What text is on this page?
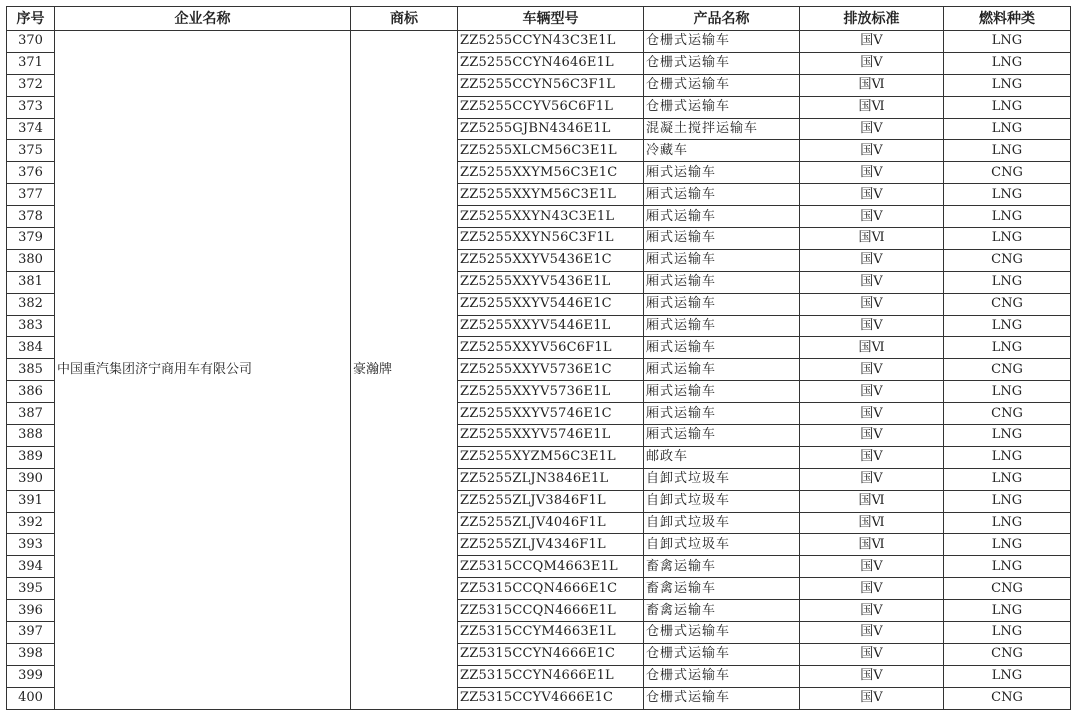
序号	企业名称	商标	车辆型号	产品名称	排放标准	燃料种类
370	中国重汽集团济宁商用车有限公司	豪瀚牌	ZZ5255CCYN43C3E1L	仓栅式运输车	国Ⅴ	LNG
371			ZZ5255CCYN4646E1L	仓栅式运输车	国Ⅴ	LNG
372			ZZ5255CCYN56C3F1L	仓栅式运输车	国Ⅵ	LNG
373			ZZ5255CCYV56C6F1L	仓栅式运输车	国Ⅵ	LNG
374			ZZ5255GJBN4346E1L	混凝土搅拌运输车	国Ⅴ	LNG
375			ZZ5255XLCM56C3E1L	冷藏车	国Ⅴ	LNG
376			ZZ5255XXYM56C3E1C	厢式运输车	国Ⅴ	CNG
377			ZZ5255XXYM56C3E1L	厢式运输车	国Ⅴ	LNG
378			ZZ5255XXYN43C3E1L	厢式运输车	国Ⅴ	LNG
379			ZZ5255XXYN56C3F1L	厢式运输车	国Ⅵ	LNG
380			ZZ5255XXYV5436E1C	厢式运输车	国Ⅴ	CNG
381			ZZ5255XXYV5436E1L	厢式运输车	国Ⅴ	LNG
382			ZZ5255XXYV5446E1C	厢式运输车	国Ⅴ	CNG
383			ZZ5255XXYV5446E1L	厢式运输车	国Ⅴ	LNG
384			ZZ5255XXYV56C6F1L	厢式运输车	国Ⅵ	LNG
385			ZZ5255XXYV5736E1C	厢式运输车	国Ⅴ	CNG
386			ZZ5255XXYV5736E1L	厢式运输车	国Ⅴ	LNG
387			ZZ5255XXYV5746E1C	厢式运输车	国Ⅴ	CNG
388			ZZ5255XXYV5746E1L	厢式运输车	国Ⅴ	LNG
389			ZZ5255XYZM56C3E1L	邮政车	国Ⅴ	LNG
390			ZZ5255ZLJN3846E1L	自卸式垃圾车	国Ⅴ	LNG
391			ZZ5255ZLJV3846F1L	自卸式垃圾车	国Ⅵ	LNG
392			ZZ5255ZLJV4046F1L	自卸式垃圾车	国Ⅵ	LNG
393			ZZ5255ZLJV4346F1L	自卸式垃圾车	国Ⅵ	LNG
394			ZZ5315CCQM4663E1L	畜禽运输车	国Ⅴ	LNG
395			ZZ5315CCQN4666E1C	畜禽运输车	国Ⅴ	CNG
396			ZZ5315CCQN4666E1L	畜禽运输车	国Ⅴ	LNG
397			ZZ5315CCYM4663E1L	仓栅式运输车	国Ⅴ	LNG
398			ZZ5315CCYN4666E1C	仓栅式运输车	国Ⅴ	CNG
399			ZZ5315CCYN4666E1L	仓栅式运输车	国Ⅴ	LNG
400			ZZ5315CCYV4666E1C	仓栅式运输车	国Ⅴ	CNG
